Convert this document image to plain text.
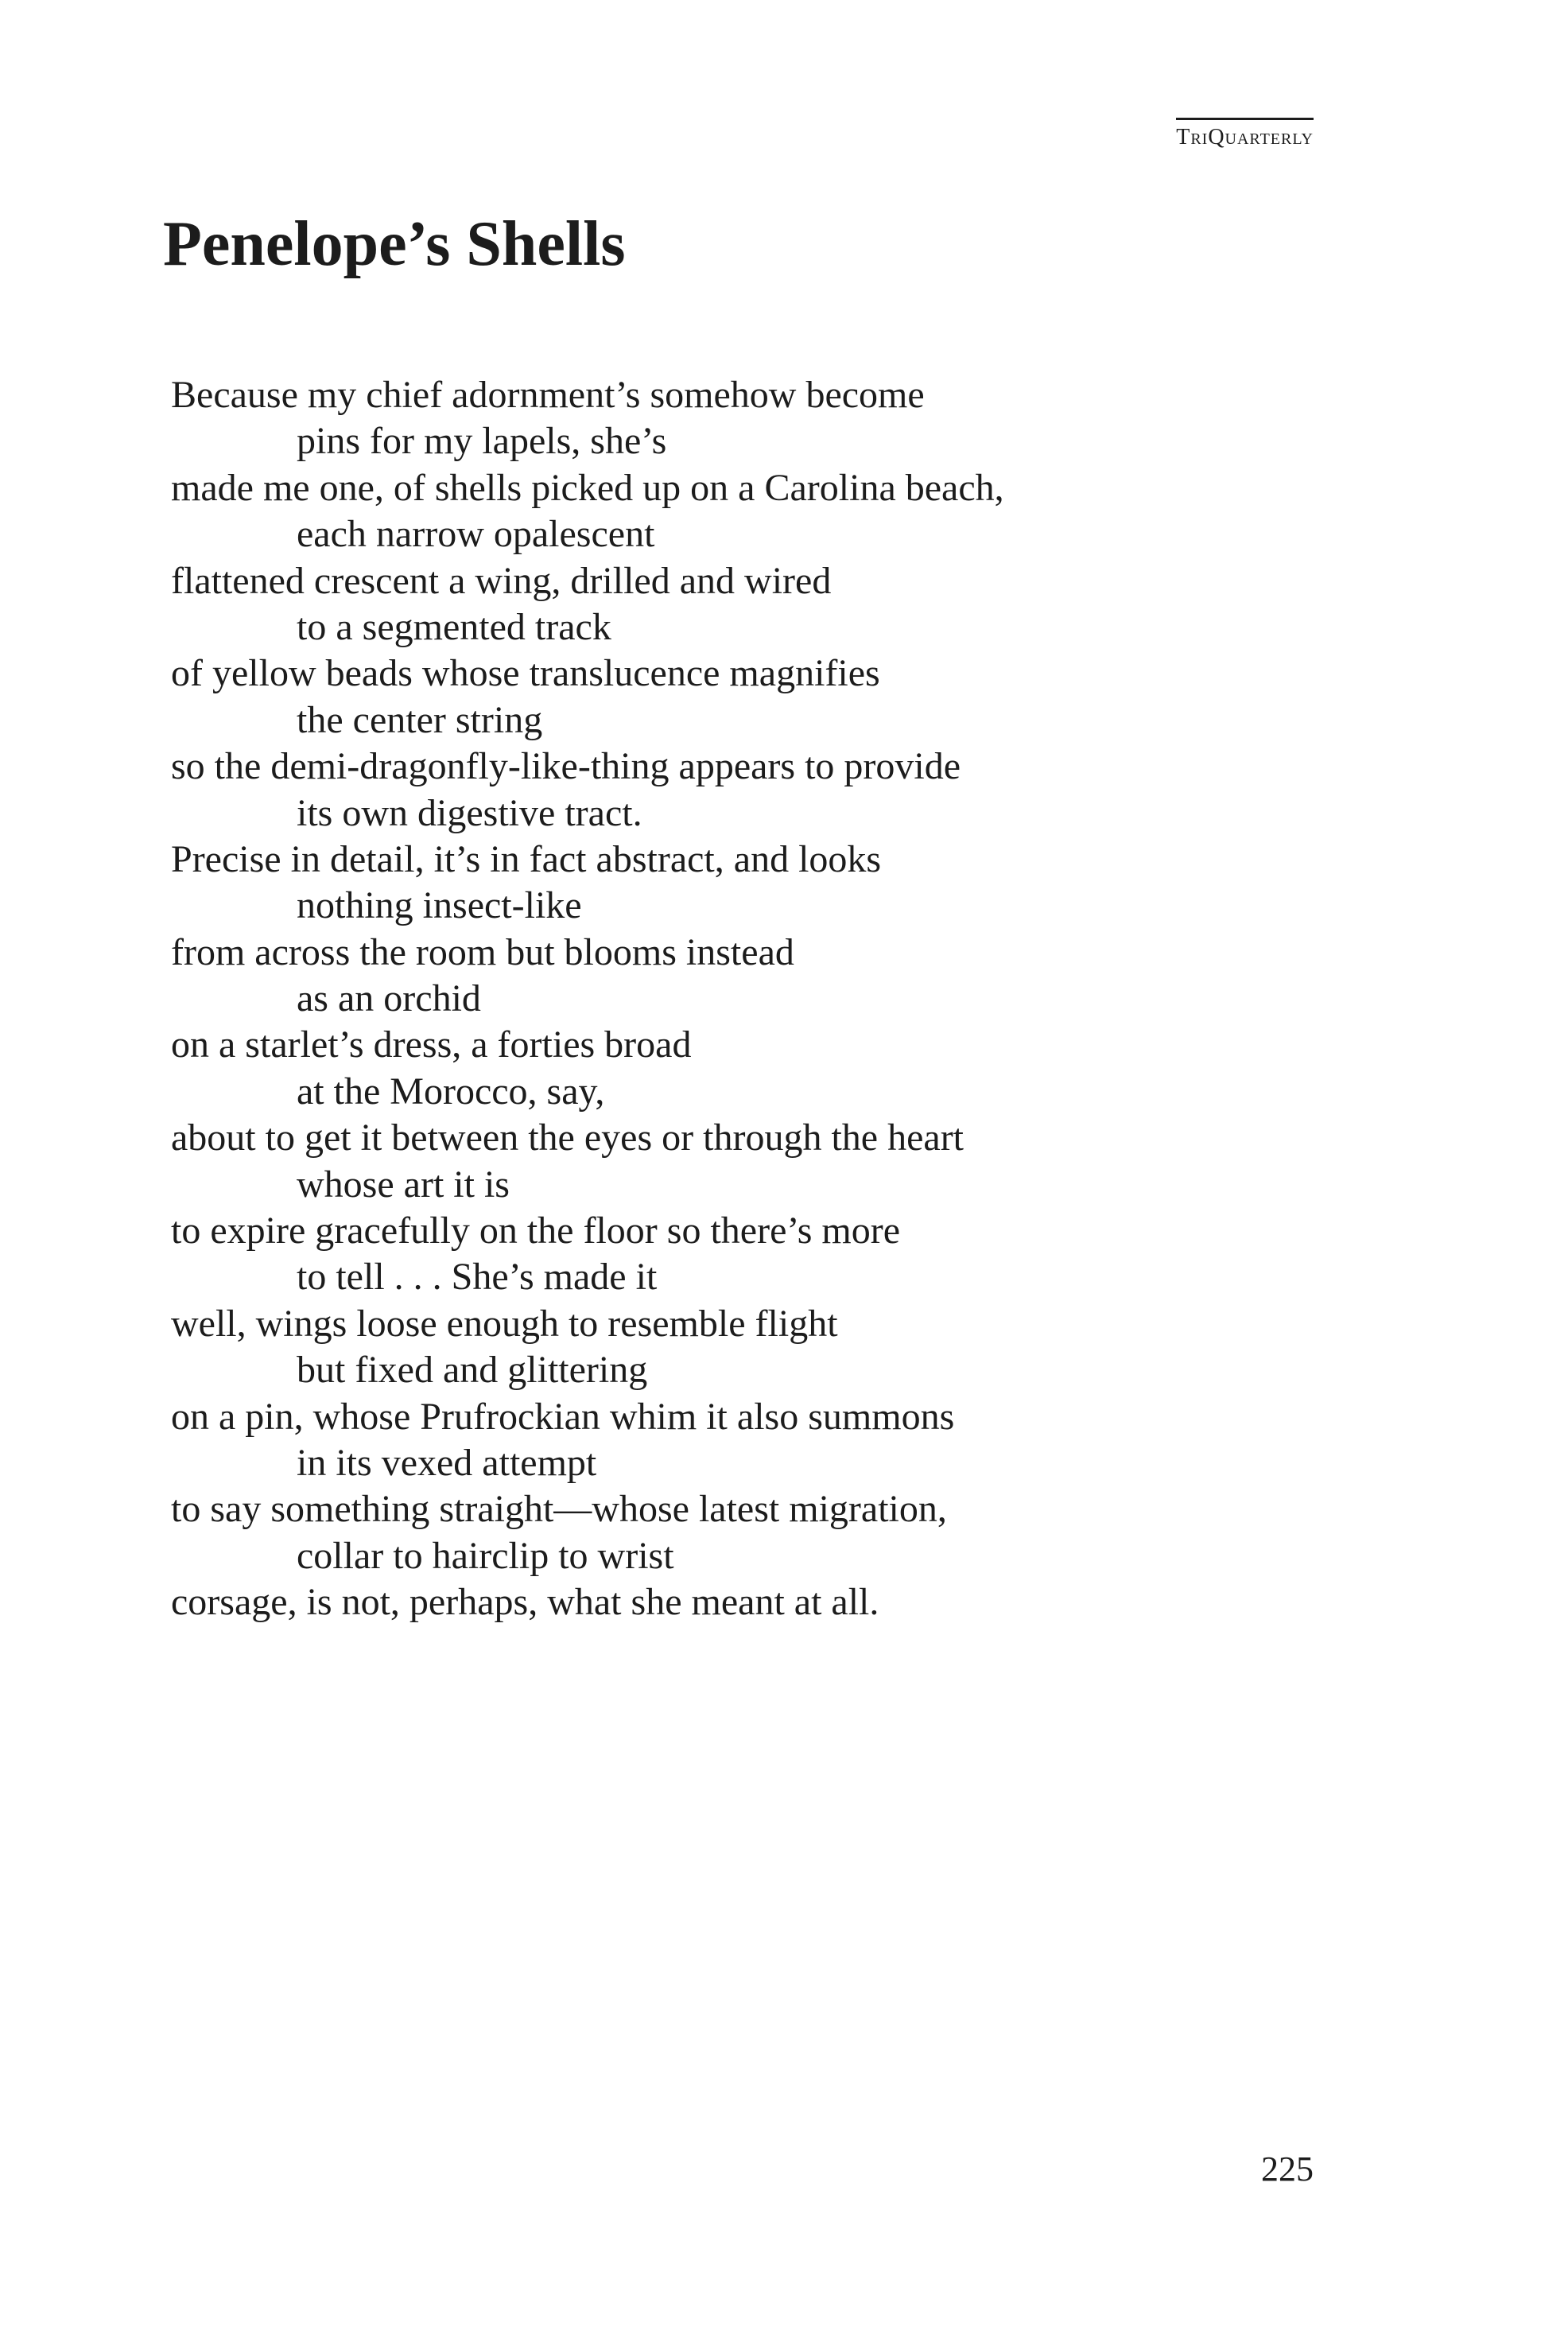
TriQuarterly
Penelope’s Shells
Because my chief adornment’s somehow become
pins for my lapels, she’s
made me one, of shells picked up on a Carolina beach,
each narrow opalescent
flattened crescent a wing, drilled and wired
to a segmented track
of yellow beads whose translucence magnifies
the center string
so the demi-dragonfly-like-thing appears to provide
its own digestive tract.
Precise in detail, it’s in fact abstract, and looks
nothing insect-like
from across the room but blooms instead
as an orchid
on a starlet’s dress, a forties broad
at the Morocco, say,
about to get it between the eyes or through the heart
whose art it is
to expire gracefully on the floor so there’s more
to tell . . . She’s made it
well, wings loose enough to resemble flight
but fixed and glittering
on a pin, whose Prufrockian whim it also summons
in its vexed attempt
to say something straight—whose latest migration,
collar to hairclip to wrist
corsage, is not, perhaps, what she meant at all.
225
